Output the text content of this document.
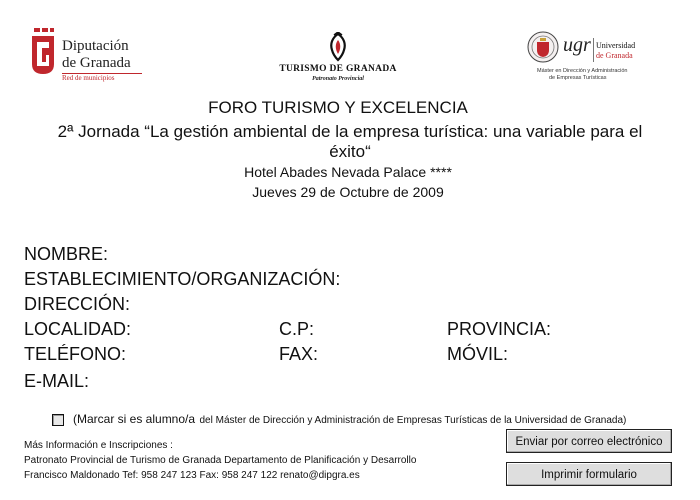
Diputación
de Granada
Red de municipios
TURISMO DE GRANADA
Patronato Provincial
ugr Universidad
de Granada
Máster en Dirección y Administración
de Empresas Turísticas
FORO TURISMO Y EXCELENCIA
2ª Jornada “La gestión ambiental de la empresa turística: una variable para el éxito“
Hotel Abades Nevada Palace ****
Jueves 29 de Octubre de 2009
NOMBRE:
ESTABLECIMIENTO/ORGANIZACIÓN:
DIRECCIÓN:
LOCALIDAD:	C.P:	PROVINCIA:
TELÉFONO:	FAX:	MÓVIL:
E-MAIL:
(Marcar si es alumno/a del Máster de Dirección y Administración de Empresas Turísticas de la Universidad de Granada)
Más Información e Inscripciones :
Patronato Provincial de Turismo de Granada Departamento de Planificación y Desarrollo
Francisco Maldonado Tef: 958 247 123 Fax: 958 247 122 renato@dipgra.es
Enviar por correo electrónico
Imprimir formulario
